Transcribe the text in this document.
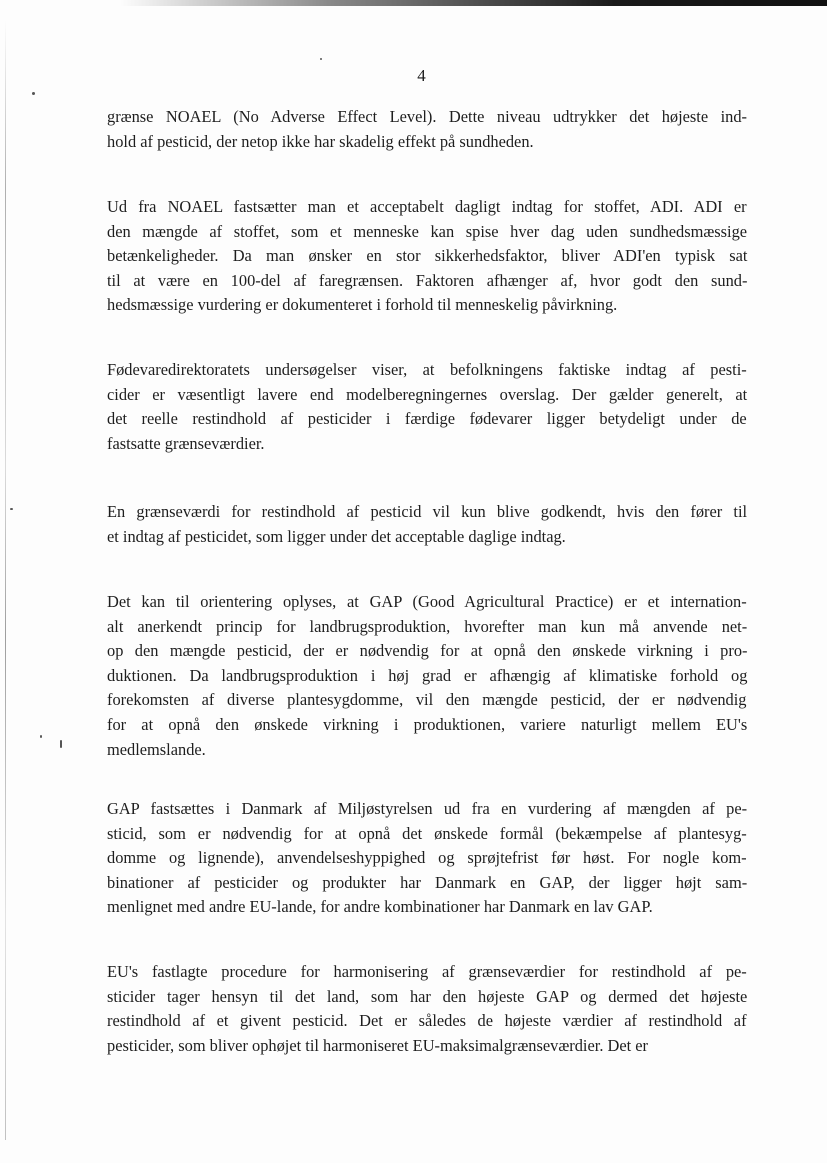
4

grænse NOAEL (No Adverse Effect Level). Dette niveau udtrykker det højeste ind-
hold af pesticid, der netop ikke har skadelig effekt på sundheden.

Ud fra NOAEL fastsætter man et acceptabelt dagligt indtag for stoffet, ADI. ADI er
den mængde af stoffet, som et menneske kan spise hver dag uden sundhedsmæssige
betænkeligheder. Da man ønsker en stor sikkerhedsfaktor, bliver ADI'en typisk sat
til at være en 100-del af faregrænsen. Faktoren afhænger af, hvor godt den sund-
hedsmæssige vurdering er dokumenteret i forhold til menneskelig påvirkning.

Fødevaredirektoratets undersøgelser viser, at befolkningens faktiske indtag af pesti-
cider er væsentligt lavere end modelberegningernes overslag. Der gælder generelt, at
det reelle restindhold af pesticider i færdige fødevarer ligger betydeligt under de
fastsatte grænseværdier.

En grænseværdi for restindhold af pesticid vil kun blive godkendt, hvis den fører til
et indtag af pesticidet, som ligger under det acceptable daglige indtag.

Det kan til orientering oplyses, at GAP (Good Agricultural Practice) er et internation-
alt anerkendt princip for landbrugsproduktion, hvorefter man kun må anvende net-
op den mængde pesticid, der er nødvendig for at opnå den ønskede virkning i pro-
duktionen. Da landbrugsproduktion i høj grad er afhængig af klimatiske forhold og
forekomsten af diverse plantesygdomme, vil den mængde pesticid, der er nødvendig
for at opnå den ønskede virkning i produktionen, variere naturligt mellem EU's
medlemslande.

GAP fastsættes i Danmark af Miljøstyrelsen ud fra en vurdering af mængden af pe-
sticid, som er nødvendig for at opnå det ønskede formål (bekæmpelse af plantesyg-
domme og lignende), anvendelseshyppighed og sprøjtefrist før høst. For nogle kom-
binationer af pesticider og produkter har Danmark en GAP, der ligger højt sam-
menlignet med andre EU-lande, for andre kombinationer har Danmark en lav GAP.

EU's fastlagte procedure for harmonisering af grænseværdier for restindhold af pe-
sticider tager hensyn til det land, som har den højeste GAP og dermed det højeste
restindhold af et givent pesticid. Det er således de højeste værdier af restindhold af
pesticider, som bliver ophøjet til harmoniseret EU-maksimalgrænseværdier. Det er
